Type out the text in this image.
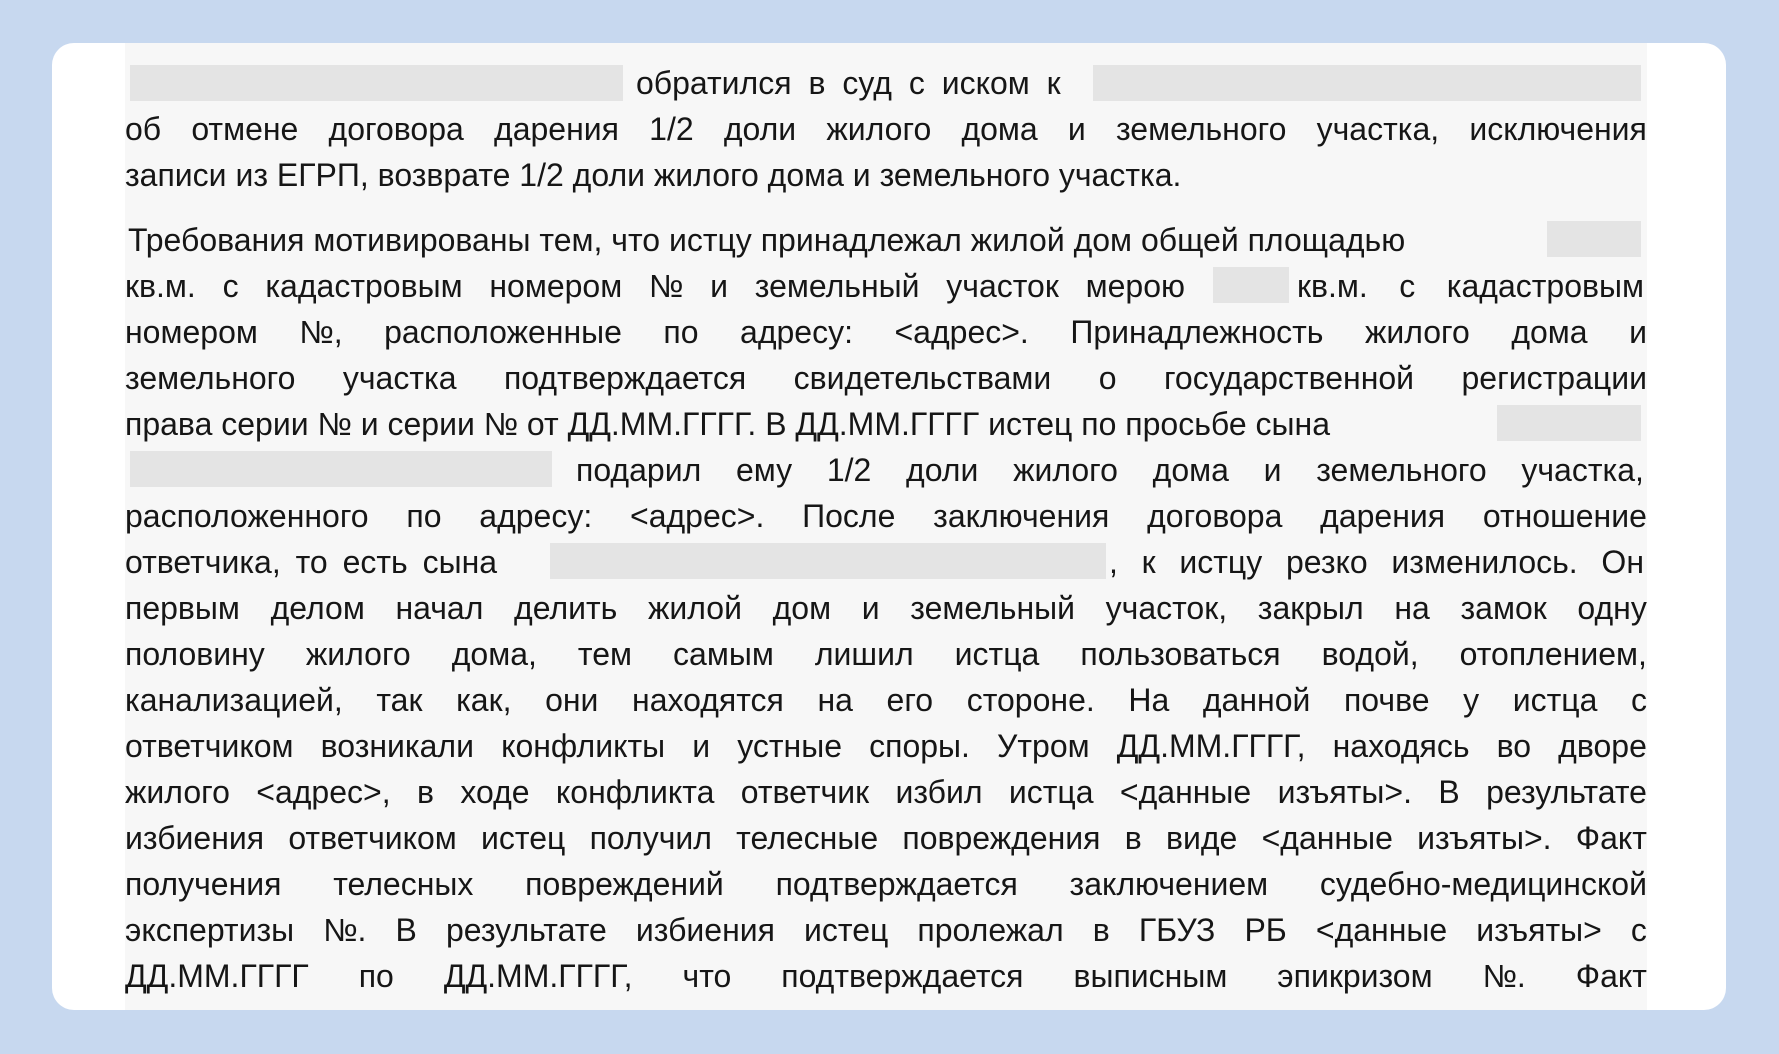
обратился в суд с иском к
об отмене договора дарения 1/2 доли жилого дома и земельного участка, исключения
записи из ЕГРП, возврате 1/2 доли жилого дома и земельного участка.
Требования мотивированы тем, что истцу принадлежал жилой дом общей площадью
кв.м. с кадастровым номером № и земельный участок мерою	кв.м. с кадастровым
номером №, расположенные по адресу: <адрес>. Принадлежность жилого дома и
земельного участка подтверждается свидетельствами о государственной регистрации
права серии № и серии № от ДД.ММ.ГГГГ. В ДД.ММ.ГГГГ истец по просьбе сына
подарил ему 1/2 доли жилого дома и земельного участка,
расположенного по адресу: <адрес>. После заключения договора дарения отношение
ответчика, то есть сына	, к истцу резко изменилось. Он
первым делом начал делить жилой дом и земельный участок, закрыл на замок одну
половину жилого дома, тем самым лишил истца пользоваться водой, отоплением,
канализацией, так как, они находятся на его стороне. На данной почве у истца с
ответчиком возникали конфликты и устные споры. Утром ДД.ММ.ГГГГ, находясь во дворе
жилого <адрес>, в ходе конфликта ответчик избил истца <данные изъяты>. В результате
избиения ответчиком истец получил телесные повреждения в виде <данные изъяты>. Факт
получения телесных повреждений подтверждается заключением судебно-медицинской
экспертизы №. В результате избиения истец пролежал в ГБУЗ РБ <данные изъяты> с
ДД.ММ.ГГГГ по ДД.ММ.ГГГГ, что подтверждается выписным эпикризом №. Факт
